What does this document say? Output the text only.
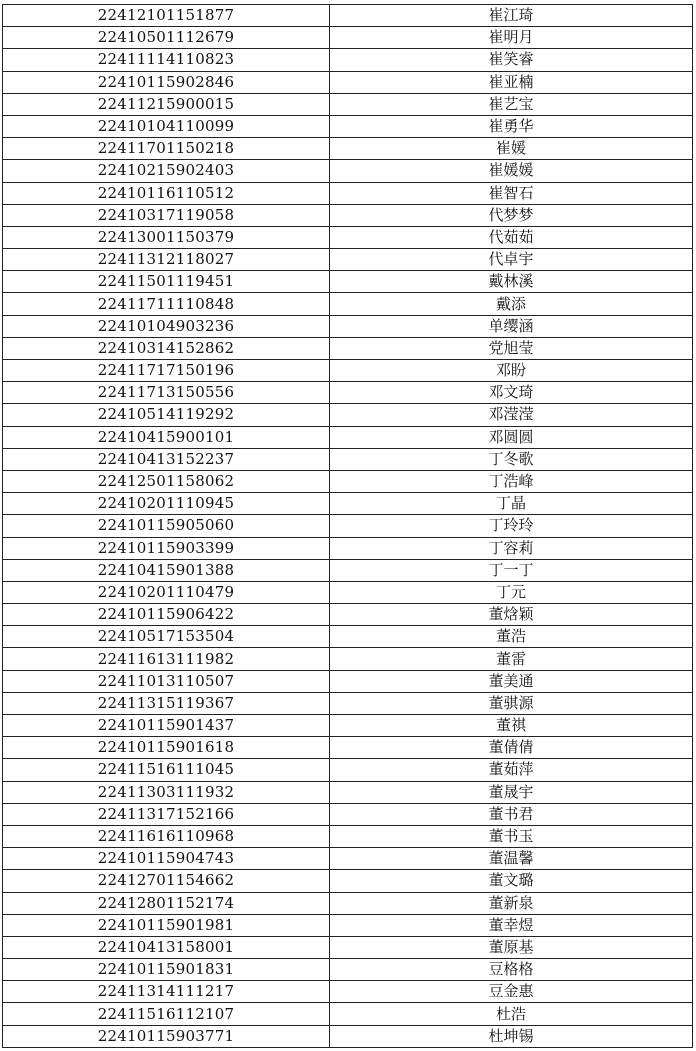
22412101151877	崔江琦
22410501112679	崔明月
22411114110823	崔笑睿
22410115902846	崔亚楠
22411215900015	崔艺宝
22410104110099	崔勇华
22411701150218	崔媛
22410215902403	崔媛媛
22410116110512	崔智石
22410317119058	代梦梦
22413001150379	代茹茹
22411312118027	代卓宇
22411501119451	戴林溪
22411711110848	戴添
22410104903236	单缨涵
22410314152862	党旭莹
22411717150196	邓盼
22411713150556	邓文琦
22410514119292	邓滢滢
22410415900101	邓圆圆
22410413152237	丁冬歌
22412501158062	丁浩峰
22410201110945	丁晶
22410115905060	丁玲玲
22410115903399	丁容莉
22410415901388	丁一丁
22410201110479	丁元
22410115906422	董焓颖
22410517153504	董浩
22411613111982	董雷
22411013110507	董美通
22411315119367	董骐源
22410115901437	董祺
22410115901618	董倩倩
22411516111045	董茹萍
22411303111932	董晟宇
22411317152166	董书君
22411616110968	董书玉
22410115904743	董温馨
22412701154662	董文璐
22412801152174	董新泉
22410115901981	董幸煜
22410413158001	董原基
22410115901831	豆格格
22411314111217	豆金惠
22411516112107	杜浩
22410115903771	杜坤锡
